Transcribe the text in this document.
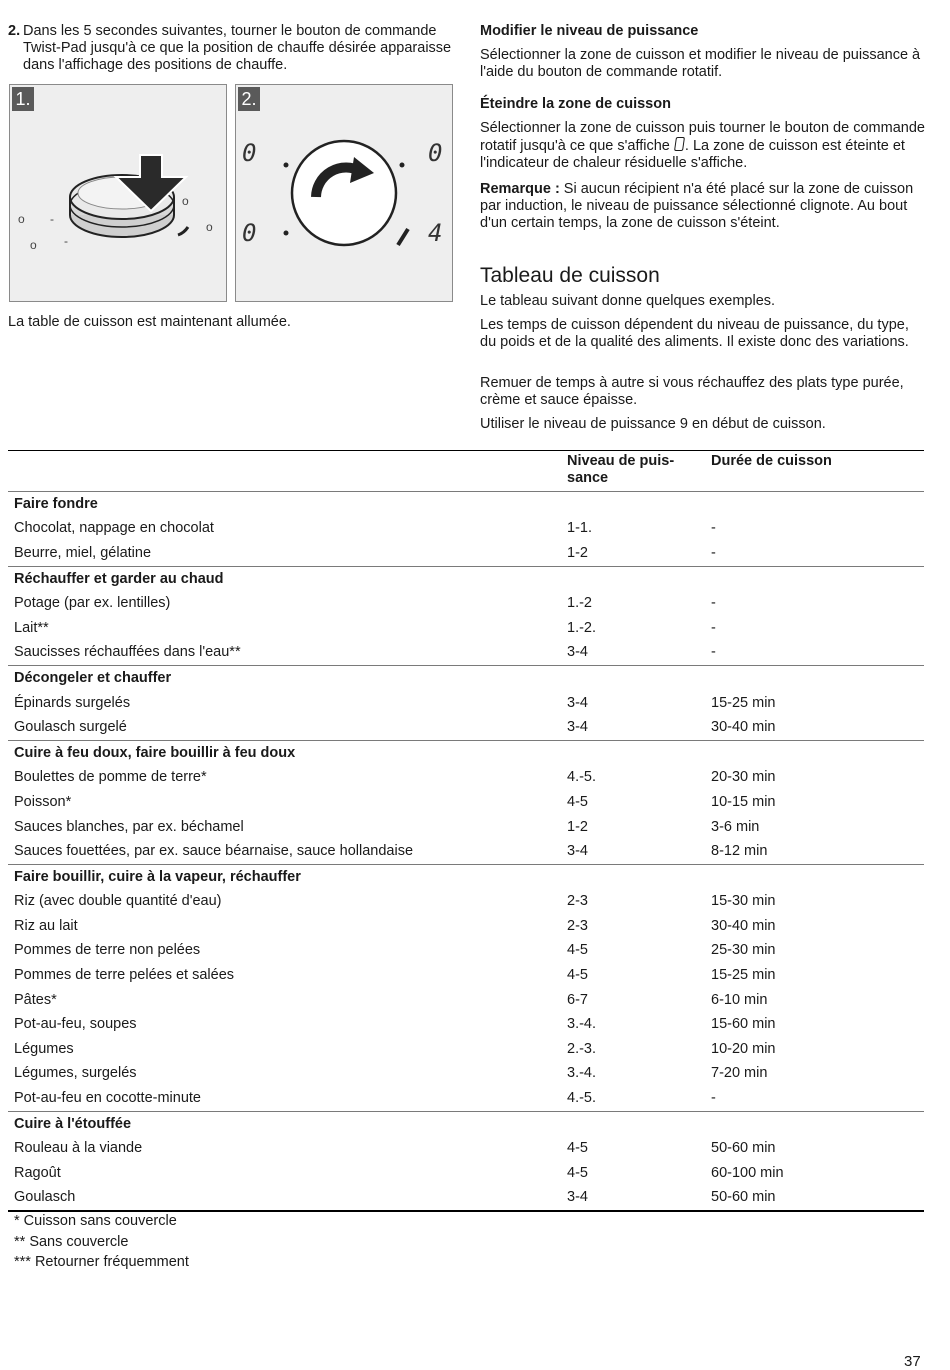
2. Dans les 5 secondes suivantes, tourner le bouton de commande Twist-Pad jusqu'à ce que la position de chauffe désirée apparaisse dans l'affichage des positions de chauffe.
o -
o -
o
o
1.	2.
0	0
0	4

La table de cuisson est maintenant allumée.

Modifier le niveau de puissance

Sélectionner la zone de cuisson et modifier le niveau de puissance à l'aide du bouton de commande rotatif.

Éteindre la zone de cuisson

Sélectionner la zone de cuisson puis tourner le bouton de commande rotatif jusqu'à ce que s'affiche . La zone de cuisson est éteinte et l'indicateur de chaleur résiduelle s'affiche.

Remarque : Si aucun récipient n'a été placé sur la zone de cuisson par induction, le niveau de puissance sélectionné clignote. Au bout d'un certain temps, la zone de cuisson s'éteint.

Tableau de cuisson

Le tableau suivant donne quelques exemples.

Les temps de cuisson dépendent du niveau de puissance, du type, du poids et de la qualité des aliments. Il existe donc des variations.

Remuer de temps à autre si vous réchauffez des plats type purée, crème et sauce épaisse.

Utiliser le niveau de puissance 9 en début de cuisson.

	Niveau de puis-
sance	Durée de cuisson
Faire fondre		
Chocolat, nappage en chocolat	1-1.	-
Beurre, miel, gélatine	1-2	-
Réchauffer et garder au chaud		
Potage (par ex. lentilles)	1.-2	-
Lait**	1.-2.	-
Saucisses réchauffées dans l'eau**	3-4	-
Décongeler et chauffer		
Épinards surgelés	3-4	15-25 min
Goulasch surgelé	3-4	30-40 min
Cuire à feu doux, faire bouillir à feu doux		
Boulettes de pomme de terre*	4.-5.	20-30 min
Poisson*	4-5	10-15 min
Sauces blanches, par ex. béchamel	1-2	3-6 min
Sauces fouettées, par ex. sauce béarnaise, sauce hollandaise	3-4	8-12 min
Faire bouillir, cuire à la vapeur, réchauffer		
Riz (avec double quantité d'eau)	2-3	15-30 min
Riz au lait	2-3	30-40 min
Pommes de terre non pelées	4-5	25-30 min
Pommes de terre pelées et salées	4-5	15-25 min
Pâtes*	6-7	6-10 min
Pot-au-feu, soupes	3.-4.	15-60 min
Légumes	2.-3.	10-20 min
Légumes, surgelés	3.-4.	7-20 min
Pot-au-feu en cocotte-minute	4.-5.	-
Cuire à l'étouffée		
Rouleau à la viande	4-5	50-60 min
Ragoût	4-5	60-100 min
Goulasch	3-4	50-60 min
* Cuisson sans couvercle
** Sans couvercle
*** Retourner fréquemment
37
